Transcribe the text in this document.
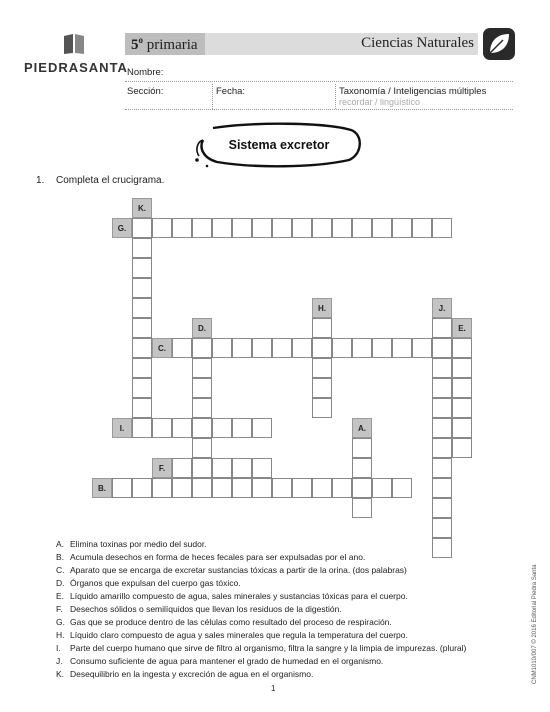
PIEDRASANTA
5$^o$ primaria	Ciencias Naturales
Nombre:
Sección:	Fecha:	Taxonomía / Inteligencias múltiples
recordar / lingüístico
Sistema excretor
1. Completa el crucigrama.
K.
G.
H.	J.
D.	E.
C.
I.	A.
F.
B.
A. Elimina toxinas por medio del sudor.
B. Acumula desechos en forma de heces fecales para ser expulsadas por el ano.
C. Aparato que se encarga de excretar sustancias tóxicas a partir de la orina. (dos palabras)
D. Órganos que expulsan del cuerpo gas tóxico.
E. Líquido amarillo compuesto de agua, sales minerales y sustancias tóxicas para el cuerpo.
F. Desechos sólidos o semilíquidos que llevan los residuos de la digestión.
G. Gas que se produce dentro de las células como resultado del proceso de respiración.
H. Líquido claro compuesto de agua y sales minerales que regula la temperatura del cuerpo.
I. Parte del cuerpo humano que sirve de filtro al organismo, filtra la sangre y la limpia de impurezas. (plural)
J. Consumo suficiente de agua para mantener el grado de humedad en el organismo.
K. Desequilibrio en la ingesta y excreción de agua en el organismo.
1
CNM1010/007 © 2016 Editorial Piedra Santa
